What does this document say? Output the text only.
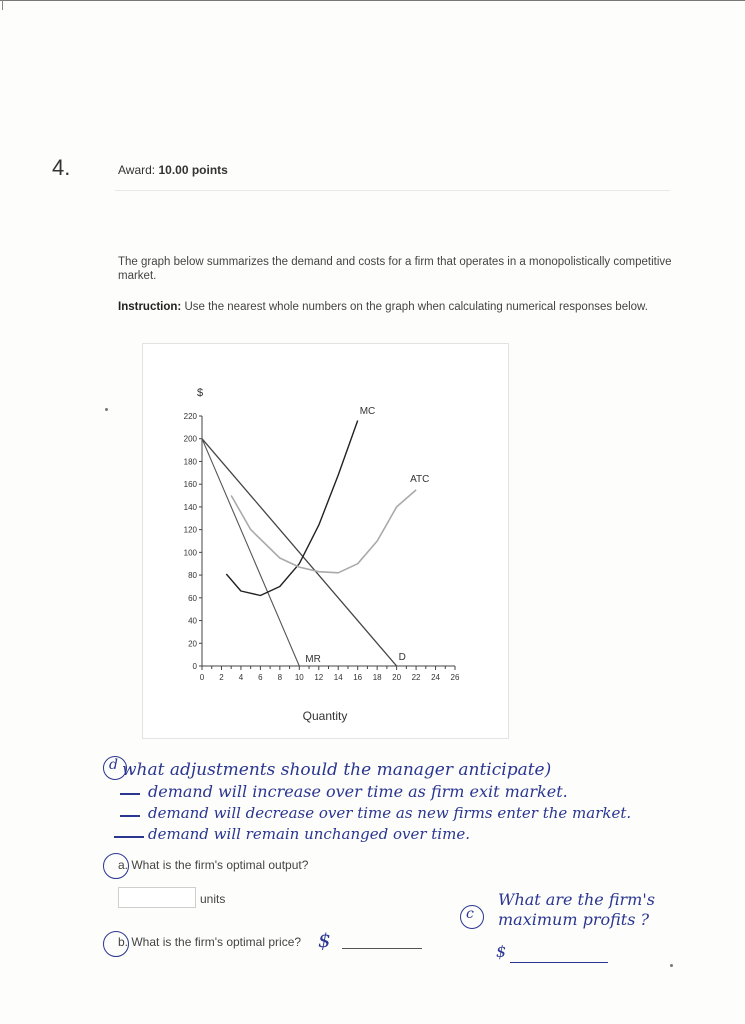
4.	Award: 10.00 points
The graph below summarizes the demand and costs for a firm that operates in a monopolistically competitive market.
Instruction: Use the nearest whole numbers on the graph when calculating numerical responses below.
$
Quantity
0
20
40
60
80
100
120
140
160
180
200
220
0 2 4 6 8 10 12 14 16 18 20 22 24 26
D
MR
MC
ATC
d what adjustments should the manager anticipate)
demand will increase over time as firm exit market.
demand will decrease over time as new firms enter the market.
demand will remain unchanged over time.
a. What is the firm's optimal output?
units
b. What is the firm's optimal price? $
c
What are the firm's
maximum profits ?
$
